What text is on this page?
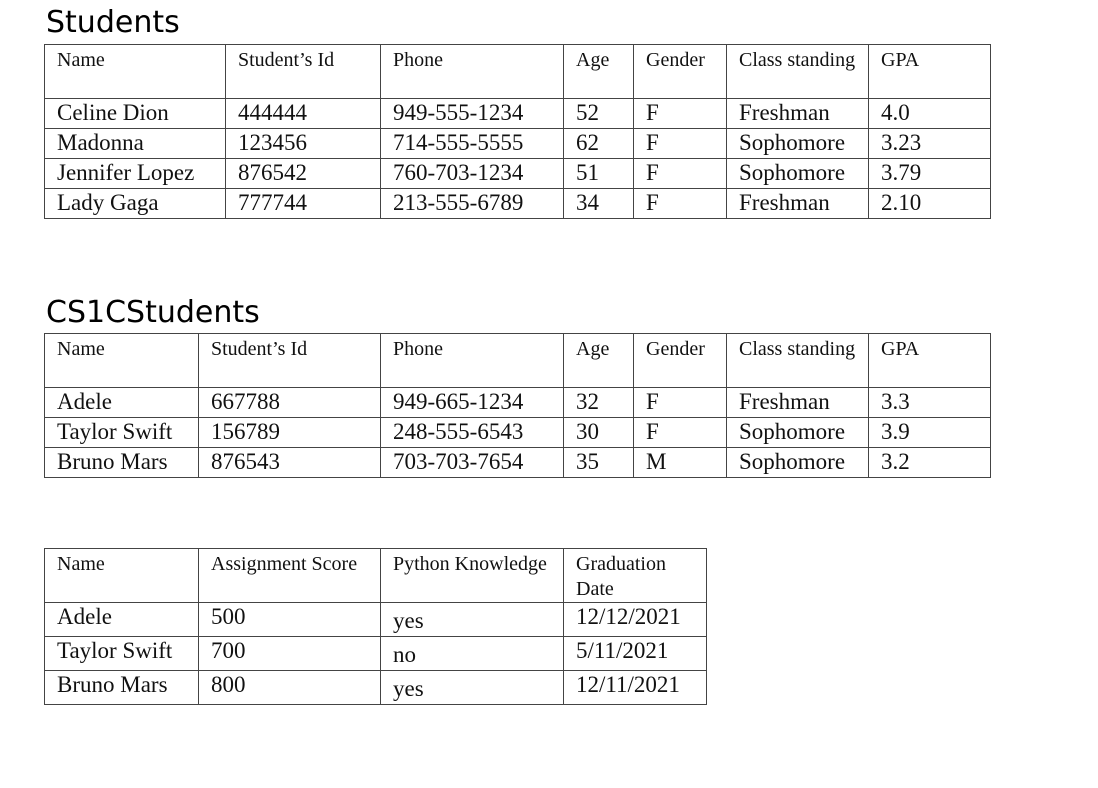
Students
Name	Student’s Id	Phone	Age	Gender	Class standing	GPA
Celine Dion	444444	949-555-1234	52	F	Freshman	4.0
Madonna	123456	714-555-5555	62	F	Sophomore	3.23
Jennifer Lopez	876542	760-703-1234	51	F	Sophomore	3.79
Lady Gaga	777744	213-555-6789	34	F	Freshman	2.10
CS1CStudents
Name	Student’s Id	Phone	Age	Gender	Class standing	GPA
Adele	667788	949-665-1234	32	F	Freshman	3.3
Taylor Swift	156789	248-555-6543	30	F	Sophomore	3.9
Bruno Mars	876543	703-703-7654	35	M	Sophomore	3.2
Name	Assignment Score	Python Knowledge	Graduation Date
Adele	500	yes	12/12/2021
Taylor Swift	700	no	5/11/2021
Bruno Mars	800	yes	12/11/2021
